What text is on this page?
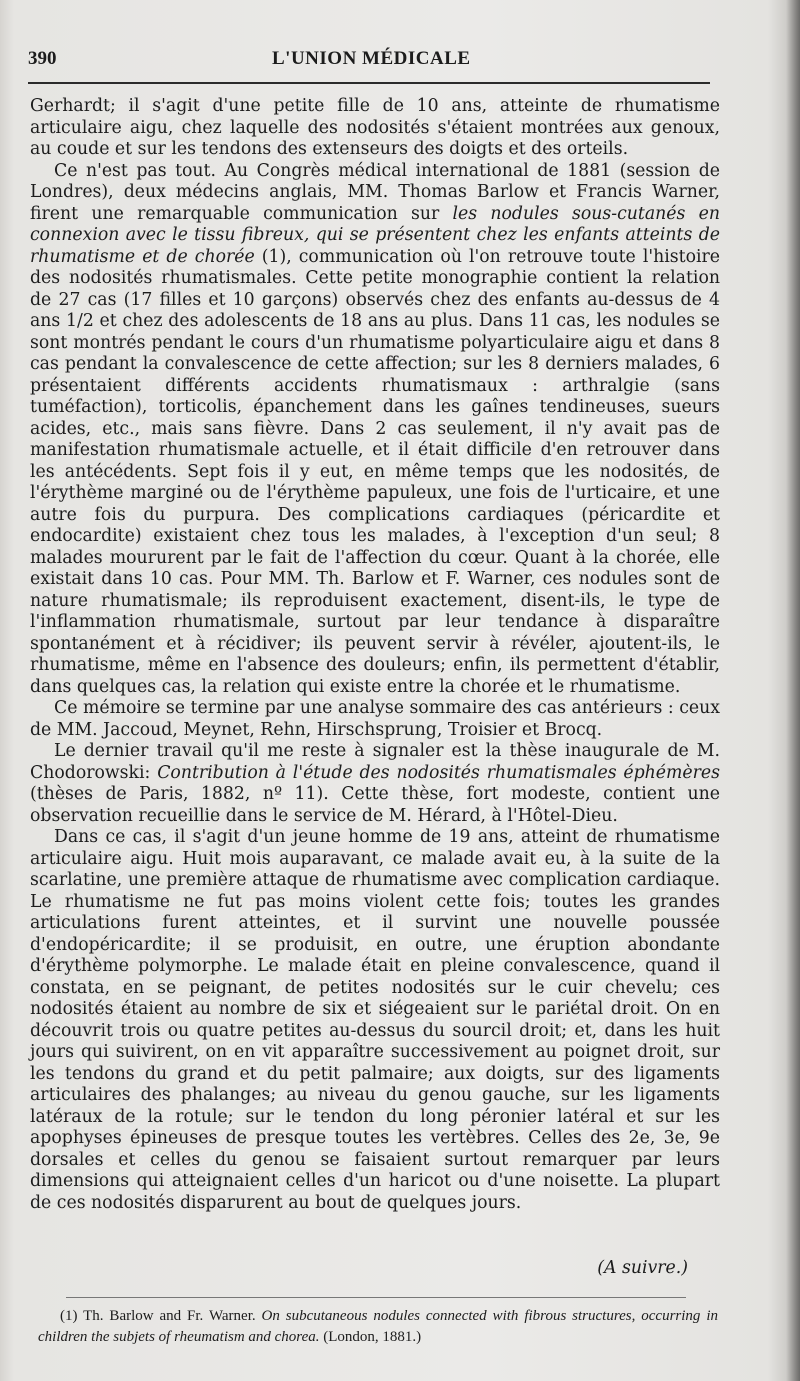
390	L'UNION MÉDICALE

Gerhardt; il s'agit d'une petite fille de 10 ans, atteinte de rhumatisme articulaire aigu, chez laquelle des nodosités s'étaient montrées aux genoux, au coude et sur les tendons des extenseurs des doigts et des orteils.

Ce n'est pas tout. Au Congrès médical international de 1881 (session de Londres), deux médecins anglais, MM. Thomas Barlow et Francis Warner, firent une remarquable communication sur les nodules sous-cutanés en connexion avec le tissu fibreux, qui se présentent chez les enfants atteints de rhumatisme et de chorée (1), communication où l'on retrouve toute l'histoire des nodosités rhumatismales. Cette petite monographie contient la relation de 27 cas (17 filles et 10 garçons) observés chez des enfants au-dessus de 4 ans 1/2 et chez des adolescents de 18 ans au plus. Dans 11 cas, les nodules se sont montrés pendant le cours d'un rhumatisme polyarticulaire aigu et dans 8 cas pendant la convalescence de cette affection; sur les 8 derniers malades, 6 présentaient différents accidents rhumatismaux : arthralgie (sans tuméfaction), torticolis, épanchement dans les gaînes tendineuses, sueurs acides, etc., mais sans fièvre. Dans 2 cas seulement, il n'y avait pas de manifestation rhumatismale actuelle, et il était difficile d'en retrouver dans les antécédents. Sept fois il y eut, en même temps que les nodosités, de l'érythème marginé ou de l'érythème papuleux, une fois de l'urticaire, et une autre fois du purpura. Des complications cardiaques (péricardite et endocardite) existaient chez tous les malades, à l'exception d'un seul; 8 malades moururent par le fait de l'affection du cœur. Quant à la chorée, elle existait dans 10 cas. Pour MM. Th. Barlow et F. Warner, ces nodules sont de nature rhumatismale; ils reproduisent exactement, disent-ils, le type de l'inflammation rhumatismale, surtout par leur tendance à disparaître spontanément et à récidiver; ils peuvent servir à révéler, ajoutent-ils, le rhumatisme, même en l'absence des douleurs; enfin, ils permettent d'établir, dans quelques cas, la relation qui existe entre la chorée et le rhumatisme.

Ce mémoire se termine par une analyse sommaire des cas antérieurs : ceux de MM. Jaccoud, Meynet, Rehn, Hirschsprung, Troisier et Brocq.

Le dernier travail qu'il me reste à signaler est la thèse inaugurale de M. Chodorowski: Contribution à l'étude des nodosités rhumatismales éphémères (thèses de Paris, 1882, nº 11). Cette thèse, fort modeste, contient une observation recueillie dans le service de M. Hérard, à l'Hôtel-Dieu.

Dans ce cas, il s'agit d'un jeune homme de 19 ans, atteint de rhumatisme articulaire aigu. Huit mois auparavant, ce malade avait eu, à la suite de la scarlatine, une première attaque de rhumatisme avec complication cardiaque. Le rhumatisme ne fut pas moins violent cette fois; toutes les grandes articulations furent atteintes, et il survint une nouvelle poussée d'endopéricardite; il se produisit, en outre, une éruption abondante d'érythème polymorphe. Le malade était en pleine convalescence, quand il constata, en se peignant, de petites nodosités sur le cuir chevelu; ces nodosités étaient au nombre de six et siégeaient sur le pariétal droit. On en découvrit trois ou quatre petites au-dessus du sourcil droit; et, dans les huit jours qui suivirent, on en vit apparaître successivement au poignet droit, sur les tendons du grand et du petit palmaire; aux doigts, sur des ligaments articulaires des phalanges; au niveau du genou gauche, sur les ligaments latéraux de la rotule; sur le tendon du long péronier latéral et sur les apophyses épineuses de presque toutes les vertèbres. Celles des 2e, 3e, 9e dorsales et celles du genou se faisaient surtout remarquer par leurs dimensions qui atteignaient celles d'un haricot ou d'une noisette. La plupart de ces nodosités disparurent au bout de quelques jours.

(A suivre.)
(1) Th. Barlow and Fr. Warner. On subcutaneous nodules connected with fibrous structures, occurring in children the subjets of rheumatism and chorea. (London, 1881.)
